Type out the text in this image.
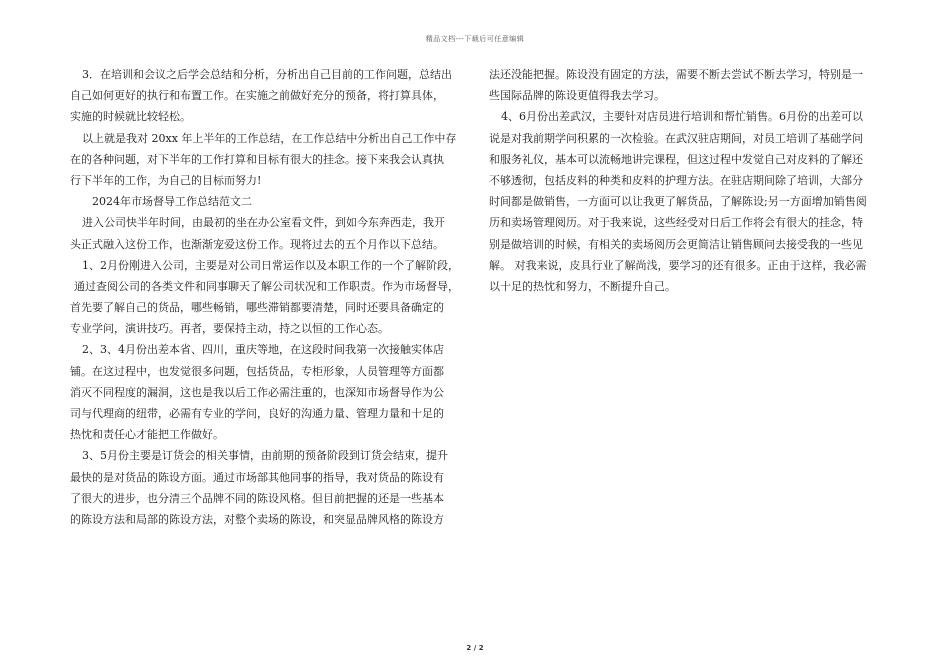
精品文档---下载后可任意编辑
3．在培训和会议之后学会总结和分析，分析出自己目前的工作问题，总结出
自己如何更好的执行和布置工作。在实施之前做好充分的预备，将打算具体，
实施的时候就比较轻松。
以上就是我对 20xx 年上半年的工作总结，在工作总结中分析出自己工作中存
在的各种问题，对下半年的工作打算和目标有很大的挂念。接下来我会认真执
行下半年的工作，为自己的目标而努力!
2024年市场督导工作总结范文二
进入公司快半年时间，由最初的坐在办公室看文件，到如今东奔西走，我开
头正式融入这份工作，也渐渐宠爱这份工作。现将过去的五个月作以下总结。
1、2月份刚进入公司，主要是对公司日常运作以及本职工作的一个了解阶段，
通过查阅公司的各类文件和同事聊天了解公司状况和工作职责。作为市场督导，
首先要了解自己的货品，哪些畅销，哪些滞销都要清楚，同时还要具备确定的
专业学问，演讲技巧。再者，要保持主动，持之以恒的工作心态。
2、3、4月份出差本省、四川，重庆等地，在这段时间我第一次接触实体店
铺。在这过程中，也发觉很多问题，包括货品，专柜形象，人员管理等方面都
消灭不同程度的漏洞，这也是我以后工作必需注重的，也深知市场督导作为公
司与代理商的纽带，必需有专业的学问，良好的沟通力量、管理力量和十足的
热忱和责任心才能把工作做好。
3、5月份主要是订货会的相关事情，由前期的预备阶段到订货会结束，提升
最快的是对货品的陈设方面。通过市场部其他同事的指导，我对货品的陈设有
了很大的进步，也分清三个品牌不同的陈设风格。但目前把握的还是一些基本
的陈设方法和局部的陈设方法，对整个卖场的陈设，和突显品牌风格的陈设方
法还没能把握。陈设没有固定的方法，需要不断去尝试不断去学习，特别是一
些国际品牌的陈设更值得我去学习。
4、6月份出差武汉，主要针对店员进行培训和帮忙销售。6月份的出差可以
说是对我前期学问积累的一次检验。在武汉驻店期间，对员工培训了基础学问
和服务礼仪，基本可以流畅地讲完课程，但这过程中发觉自己对皮料的了解还
不够透彻，包括皮料的种类和皮料的护理方法。在驻店期间除了培训，大部分
时间都是做销售，一方面可以让我更了解货品，了解陈设;另一方面增加销售阅
历和卖场管理阅历。对于我来说，这些经受对日后工作将会有很大的挂念，特
别是做培训的时候，有相关的卖场阅历会更简洁让销售顾问去接受我的一些见
解。 对我来说，皮具行业了解尚浅，要学习的还有很多。正由于这样，我必需
以十足的热忱和努力，不断提升自己。
2 / 2
